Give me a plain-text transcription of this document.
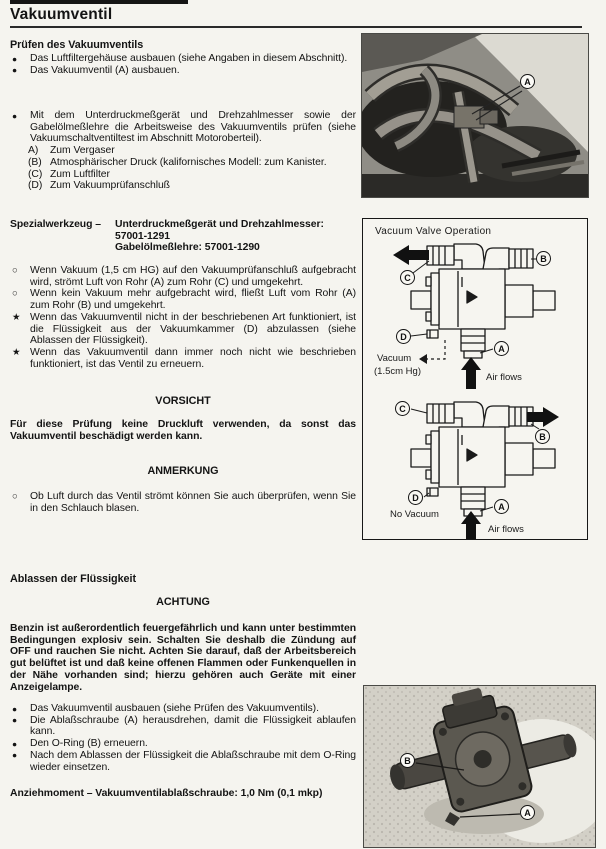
Vakuumventil
Prüfen des Vakuumventils
●	Das Luftfiltergehäuse ausbauen (siehe Angaben in diesem Abschnitt).
●	Das Vakuumventil (A) ausbauen.
●	Mit dem Unterdruckmeßgerät und Drehzahlmesser sowie der Gabelölmeßlehre die Arbeitsweise des Vakuumventils prüfen (siehe Vakuumschaltventiltest im Abschnitt Motoroberteil).
A) Zum Vergaser
(B) Atmosphärischer Druck (kalifornisches Modell: zum Kanister.
(C) Zum Luftfilter
(D) Zum Vakuumprüfanschluß
Spezialwerkzeug –	Unterdruckmeßgerät und Drehzahlmesser:
57001-1291
Gabelölmeßlehre: 57001-1290
○	Wenn Vakuum (1,5 cm HG) auf den Vakuumprüfanschluß aufgebracht wird, strömt Luft von Rohr (A) zum Rohr (C) und umgekehrt.
○	Wenn kein Vakuum mehr aufgebracht wird, fließt Luft vom Rohr (A) zum Rohr (B) und umgekehrt.
★ Wenn das Vakuumventil nicht in der beschriebenen Art funktioniert, ist die Flüssigkeit aus der Vakuumkammer (D) abzulassen (siehe Ablassen der Flüssigkeit).
★ Wenn das Vakuumventil dann immer noch nicht wie beschrieben funktioniert, ist das Ventil zu erneuern.
VORSICHT
Für diese Prüfung keine Druckluft verwenden, da sonst das Vakuumventil beschädigt werden kann.
ANMERKUNG
○	Ob Luft durch das Ventil strömt können Sie auch überprüfen, wenn Sie in den Schlauch blasen.
Ablassen der Flüssigkeit
ACHTUNG
Benzin ist außerordentlich feuergefährlich und kann unter bestimmten Bedingungen explosiv sein. Schalten Sie deshalb die Zündung auf OFF und rauchen Sie nicht. Achten Sie darauf, daß der Arbeitsbereich gut belüftet ist und daß keine offenen Flammen oder Funkenquellen in der Nähe vorhanden sind; hierzu gehören auch Geräte mit einer Anzeigelampe.
●	Das Vakuumventil ausbauen (siehe Prüfen des Vakuumventils).
●	Die Ablaßschraube (A) herausdrehen, damit die Flüssigkeit ablaufen kann.
●	Den O-Ring (B) erneuern.
●	Nach dem Ablassen der Flüssigkeit die Ablaßschraube mit dem O-Ring wieder einsetzen.
Anziehmoment – Vakuumventilablaßschraube: 1,0 Nm (0,1 mkp)
A
Vacuum Valve Operation
C
B
D
A
Vacuum
(1.5cm Hg)
Air flows
C
B
D
A
No Vacuum
Air flows
B
A
